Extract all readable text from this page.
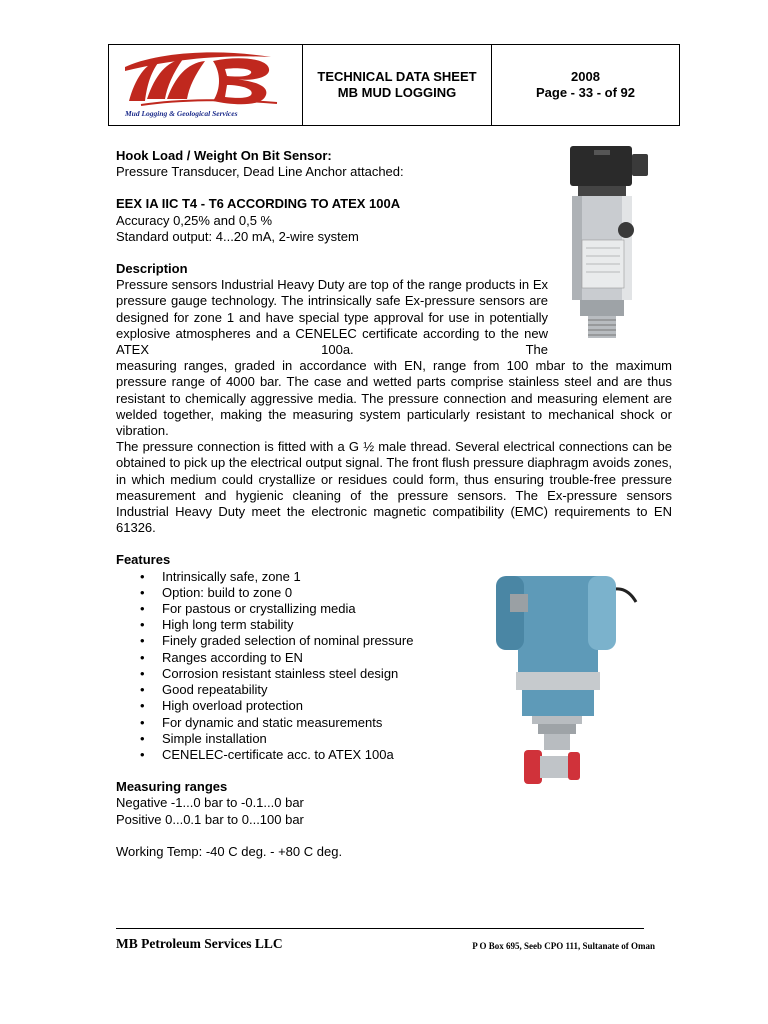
Mud Logging & Geological Services
TECHNICAL DATA SHEET
MB MUD LOGGING
2008
Page - 33 - of 92

Hook Load / Weight On Bit Sensor:

Pressure Transducer, Dead Line Anchor attached:

EEX IA IIC T4 - T6 ACCORDING TO ATEX 100A

Accuracy 0,25% and 0,5 %

Standard output: 4...20 mA, 2-wire system

Description

Pressure sensors Industrial Heavy Duty are top of the range products in Ex pressure gauge technology. The intrinsically safe Ex-pressure sensors are designed for zone 1 and have special type approval for use in potentially explosive atmospheres and a CENELEC certificate according to the new ATEX 100a. The

measuring ranges, graded in accordance with EN, range from 100 mbar to the maximum pressure range of 4000 bar. The case and wetted parts comprise stainless steel and are thus resistant to chemically aggressive media. The pressure connection and measuring element are welded together, making the measuring system particularly resistant to mechanical shock or vibration.

The pressure connection is fitted with a G ½ male thread. Several electrical connections can be obtained to pick up the electrical output signal. The front flush pressure diaphragm avoids zones, in which medium could crystallize or residues could form, thus ensuring trouble-free pressure measurement and hygienic cleaning of the pressure sensors. The Ex-pressure sensors Industrial Heavy Duty meet the electronic magnetic compatibility (EMC) requirements to EN 61326.

Features

• Intrinsically safe, zone 1
• Option: build to zone 0
• For pastous or crystallizing media
• High long term stability
• Finely graded selection of nominal pressure
• Ranges according to EN
• Corrosion resistant stainless steel design
• Good repeatability
• High overload protection
• For dynamic and static measurements
• Simple installation
• CENELEC-certificate acc. to ATEX 100a

Measuring ranges

Negative -1...0 bar to -0.1...0 bar

Positive 0...0.1 bar to 0...100 bar

Working Temp: -40 C deg. - +80 C deg.

MB Petroleum Services LLC	P O Box 695, Seeb CPO 111, Sultanate of Oman
